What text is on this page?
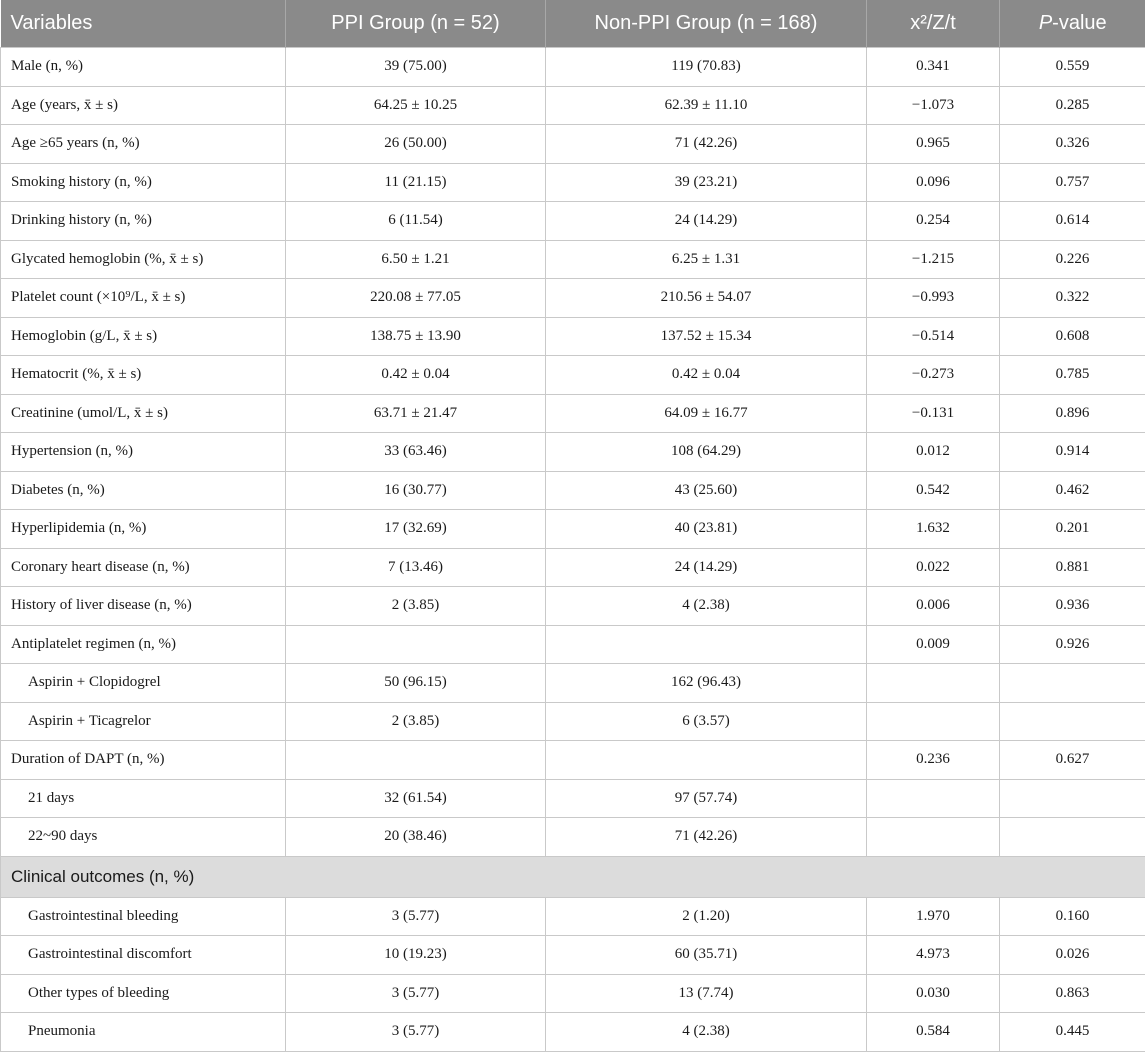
Variables	PPI Group (n = 52)	Non-PPI Group (n = 168)	x²/Z/t	P-value
Male (n, %)	39 (75.00)	119 (70.83)	0.341	0.559
Age (years, x̄ ± s)	64.25 ± 10.25	62.39 ± 11.10	−1.073	0.285
Age ≥65 years (n, %)	26 (50.00)	71 (42.26)	0.965	0.326
Smoking history (n, %)	11 (21.15)	39 (23.21)	0.096	0.757
Drinking history (n, %)	6 (11.54)	24 (14.29)	0.254	0.614
Glycated hemoglobin (%, x̄ ± s)	6.50 ± 1.21	6.25 ± 1.31	−1.215	0.226
Platelet count (×10⁹/L, x̄ ± s)	220.08 ± 77.05	210.56 ± 54.07	−0.993	0.322
Hemoglobin (g/L, x̄ ± s)	138.75 ± 13.90	137.52 ± 15.34	−0.514	0.608
Hematocrit (%, x̄ ± s)	0.42 ± 0.04	0.42 ± 0.04	−0.273	0.785
Creatinine (umol/L, x̄ ± s)	63.71 ± 21.47	64.09 ± 16.77	−0.131	0.896
Hypertension (n, %)	33 (63.46)	108 (64.29)	0.012	0.914
Diabetes (n, %)	16 (30.77)	43 (25.60)	0.542	0.462
Hyperlipidemia (n, %)	17 (32.69)	40 (23.81)	1.632	0.201
Coronary heart disease (n, %)	7 (13.46)	24 (14.29)	0.022	0.881
History of liver disease (n, %)	2 (3.85)	4 (2.38)	0.006	0.936
Antiplatelet regimen (n, %)			0.009	0.926
Aspirin + Clopidogrel	50 (96.15)	162 (96.43)		
Aspirin + Ticagrelor	2 (3.85)	6 (3.57)		
Duration of DAPT (n, %)			0.236	0.627
21 days	32 (61.54)	97 (57.74)		
22~90 days	20 (38.46)	71 (42.26)		
Clinical outcomes (n, %)				
Gastrointestinal bleeding	3 (5.77)	2 (1.20)	1.970	0.160
Gastrointestinal discomfort	10 (19.23)	60 (35.71)	4.973	0.026
Other types of bleeding	3 (5.77)	13 (7.74)	0.030	0.863
Pneumonia	3 (5.77)	4 (2.38)	0.584	0.445
